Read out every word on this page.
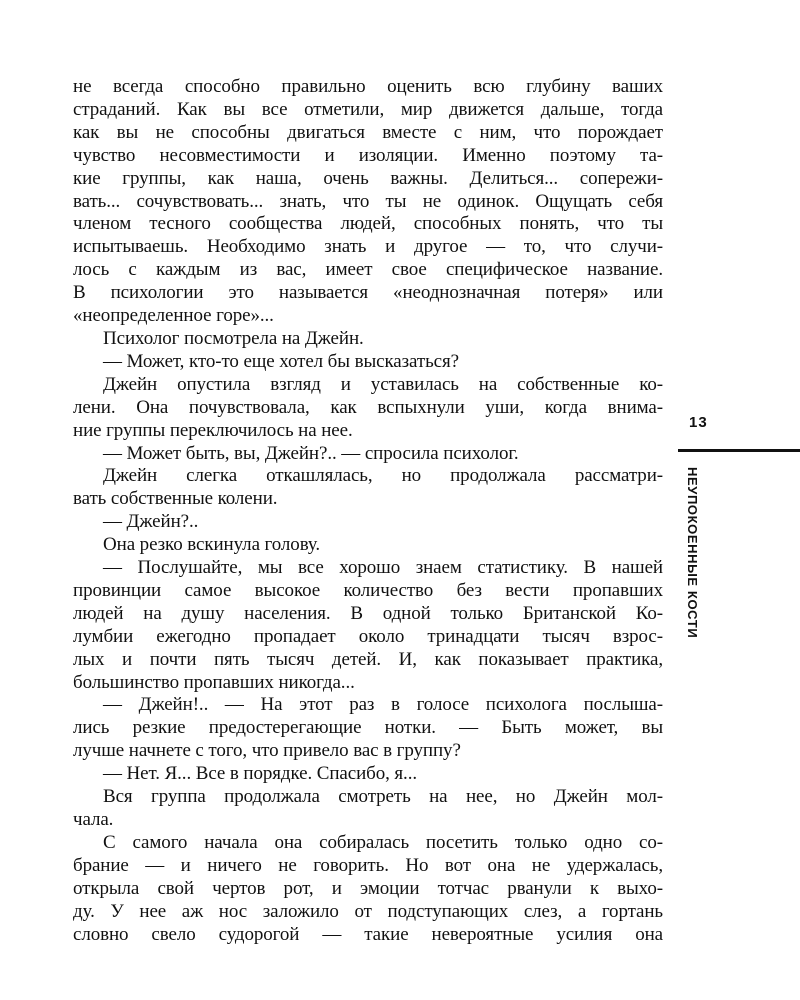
не всегда способно правильно оценить всю глубину ваших
страданий. Как вы все отметили, мир движется дальше, тогда
как вы не способны двигаться вместе с ним, что порождает
чувство несовместимости и изоляции. Именно поэтому та-
кие группы, как наша, очень важны. Делиться... сопережи-
вать... сочувствовать... знать, что ты не одинок. Ощущать себя
членом тесного сообщества людей, способных понять, что ты
испытываешь. Необходимо знать и другое — то, что случи-
лось с каждым из вас, имеет свое специфическое название.
В психологии это называется «неоднозначная потеря» или
«неопределенное горе»...
Психолог посмотрела на Джейн.
— Может, кто-то еще хотел бы высказаться?
Джейн опустила взгляд и уставилась на собственные ко-
лени. Она почувствовала, как вспыхнули уши, когда внима-
ние группы переключилось на нее.
— Может быть, вы, Джейн?.. — спросила психолог.
Джейн слегка откашлялась, но продолжала рассматри-
вать собственные колени.
— Джейн?..
Она резко вскинула голову.
— Послушайте, мы все хорошо знаем статистику. В нашей
провинции самое высокое количество без вести пропавших
людей на душу населения. В одной только Британской Ко-
лумбии ежегодно пропадает около тринадцати тысяч взрос-
лых и почти пять тысяч детей. И, как показывает практика,
большинство пропавших никогда...
— Джейн!.. — На этот раз в голосе психолога послыша-
лись резкие предостерегающие нотки. — Быть может, вы
лучше начнете с того, что привело вас в группу?
— Нет. Я... Все в порядке. Спасибо, я...
Вся группа продолжала смотреть на нее, но Джейн мол-
чала.
С самого начала она собиралась посетить только одно со-
брание — и ничего не говорить. Но вот она не удержалась,
открыла свой чертов рот, и эмоции тотчас рванули к выхо-
ду. У нее аж нос заложило от подступающих слез, а гортань
словно свело судорогой — такие невероятные усилия она
13
НЕУПОКОЕННЫЕ КОСТИ
